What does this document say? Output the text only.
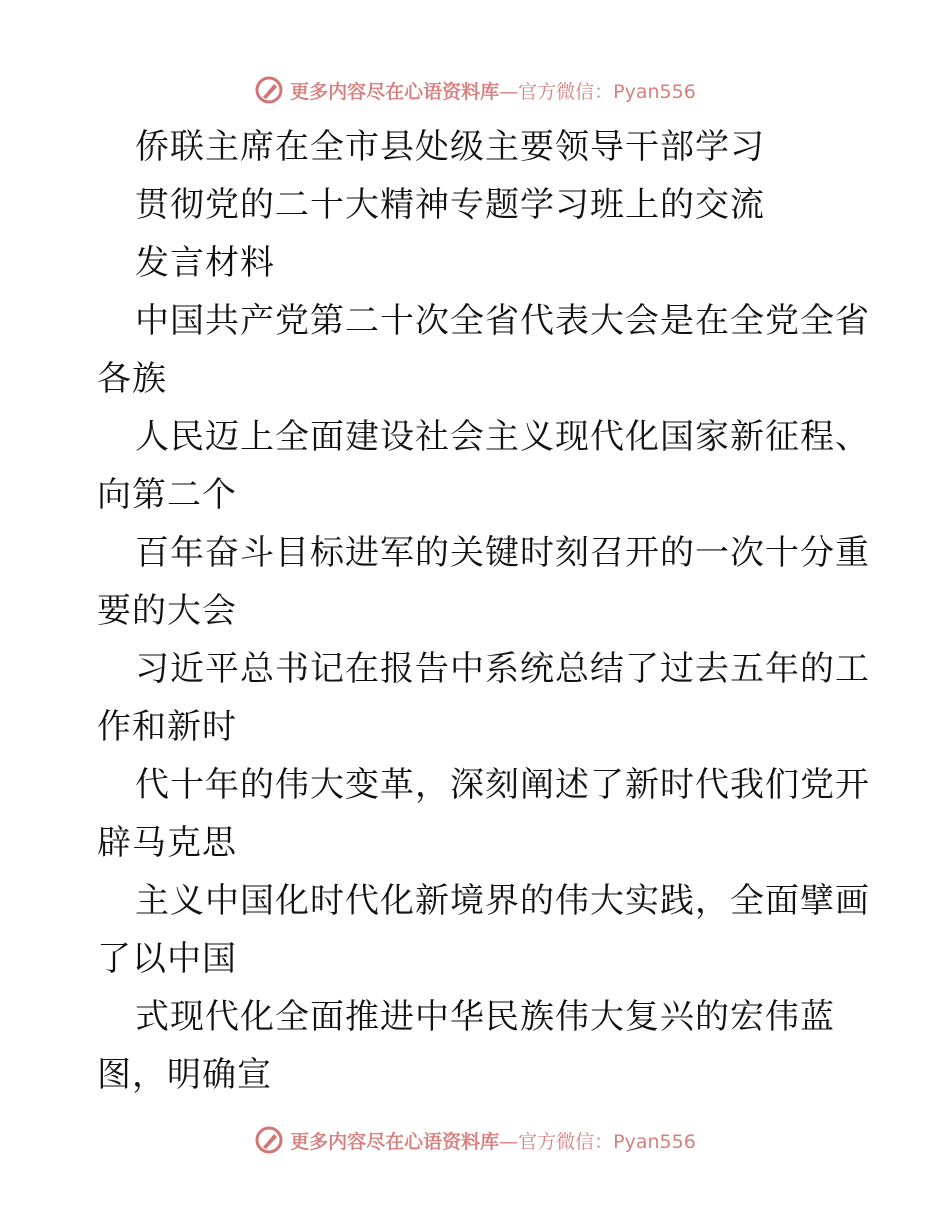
更多内容尽在心语资料库 —官方微信：Pyan556
侨联主席在全市县处级主要领导干部学习
贯彻党的二十大精神专题学习班上的交流
发言材料
中国共产党第二十次全省代表大会是在全党全省
各族
人民迈上全面建设社会主义现代化国家新征程、
向第二个
百年奋斗目标进军的关键时刻召开的一次十分重
要的大会
习近平总书记在报告中系统总结了过去五年的工
作和新时
代十年的伟大变革，深刻阐述了新时代我们党开
辟马克思
主义中国化时代化新境界的伟大实践，全面擘画
了以中国
式现代化全面推进中华民族伟大复兴的宏伟蓝
图，明确宣
更多内容尽在心语资料库 —官方微信：Pyan556
